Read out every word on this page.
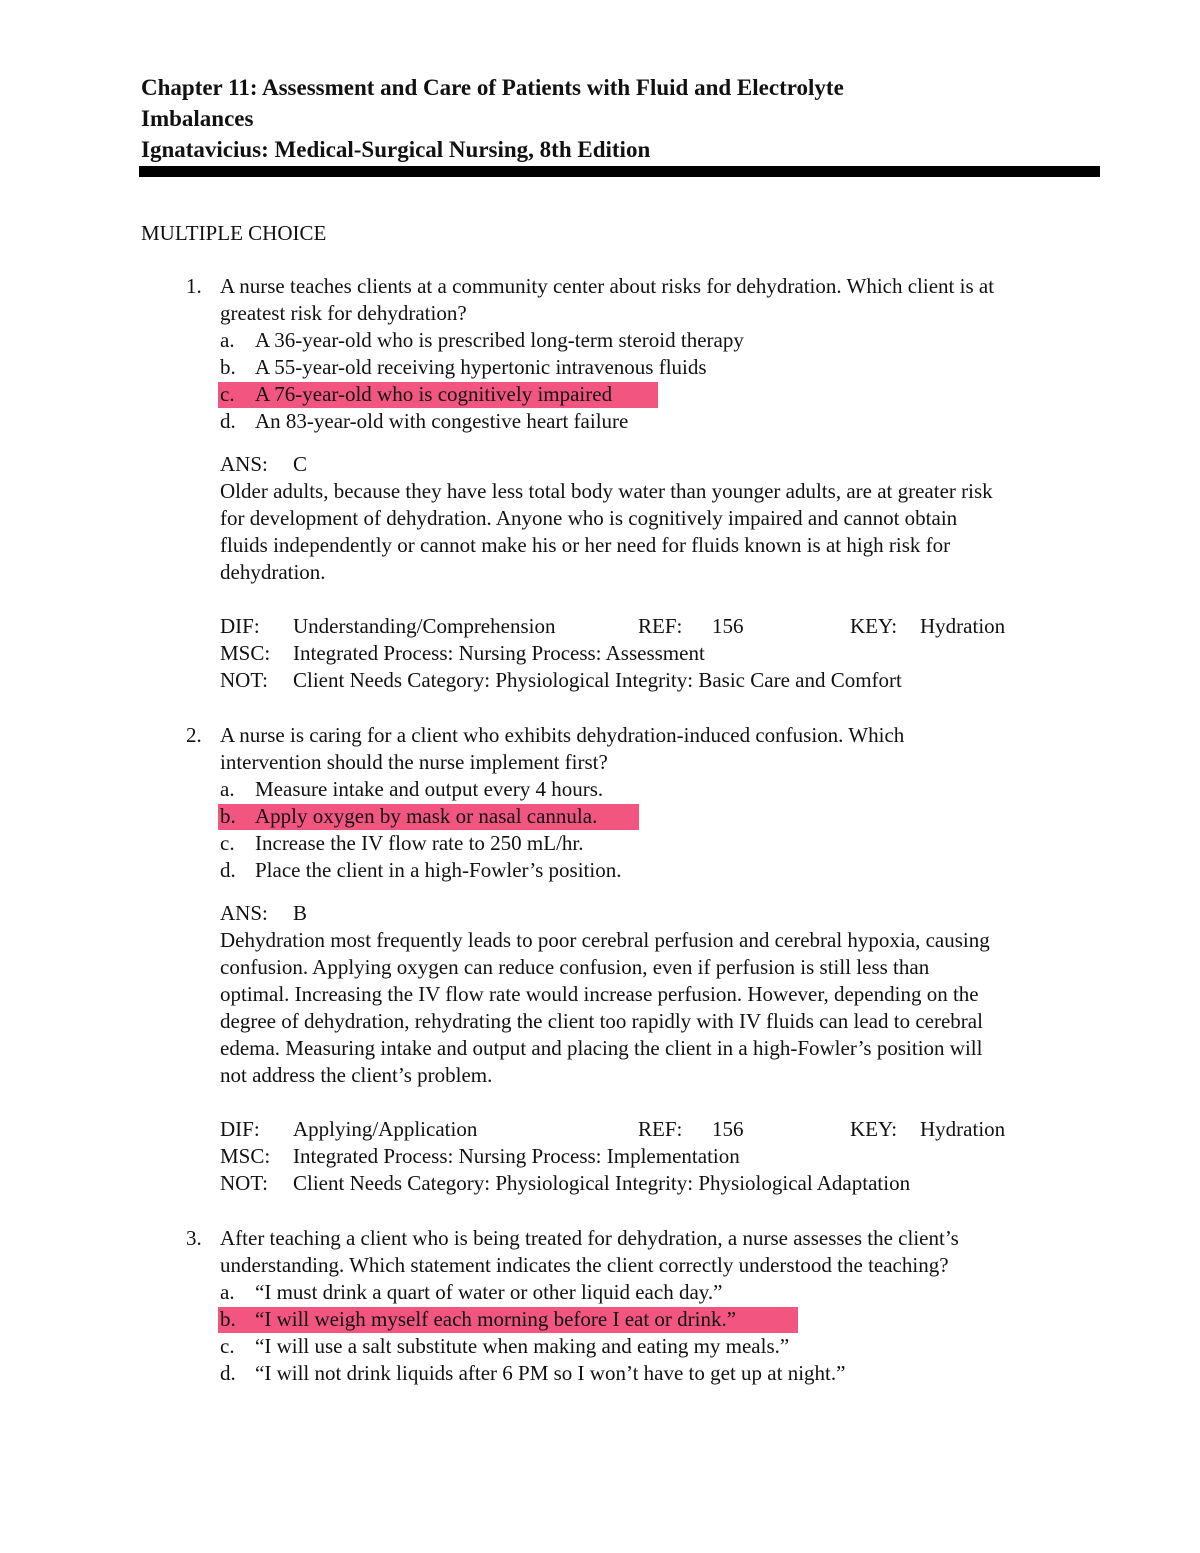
Chapter 11: Assessment and Care of Patients with Fluid and Electrolyte
Imbalances
Ignatavicius: Medical-Surgical Nursing, 8th Edition
MULTIPLE CHOICE
1. A nurse teaches clients at a community center about risks for dehydration. Which client is at
greatest risk for dehydration?
a. A 36-year-old who is prescribed long-term steroid therapy
b. A 55-year-old receiving hypertonic intravenous fluids
c. A 76-year-old who is cognitively impaired
d. An 83-year-old with congestive heart failure
ANS: C
Older adults, because they have less total body water than younger adults, are at greater risk
for development of dehydration. Anyone who is cognitively impaired and cannot obtain
fluids independently or cannot make his or her need for fluids known is at high risk for
dehydration.
DIF: Understanding/Comprehension	REF: 156	KEY: Hydration
MSC: Integrated Process: Nursing Process: Assessment
NOT: Client Needs Category: Physiological Integrity: Basic Care and Comfort
2. A nurse is caring for a client who exhibits dehydration-induced confusion. Which
intervention should the nurse implement first?
a. Measure intake and output every 4 hours.
b. Apply oxygen by mask or nasal cannula.
c. Increase the IV flow rate to 250 mL/hr.
d. Place the client in a high-Fowler’s position.
ANS: B
Dehydration most frequently leads to poor cerebral perfusion and cerebral hypoxia, causing
confusion. Applying oxygen can reduce confusion, even if perfusion is still less than
optimal. Increasing the IV flow rate would increase perfusion. However, depending on the
degree of dehydration, rehydrating the client too rapidly with IV fluids can lead to cerebral
edema. Measuring intake and output and placing the client in a high-Fowler’s position will
not address the client’s problem.
DIF: Applying/Application	REF: 156	KEY: Hydration
MSC: Integrated Process: Nursing Process: Implementation
NOT: Client Needs Category: Physiological Integrity: Physiological Adaptation
3. After teaching a client who is being treated for dehydration, a nurse assesses the client’s
understanding. Which statement indicates the client correctly understood the teaching?
a. “I must drink a quart of water or other liquid each day.”
b. “I will weigh myself each morning before I eat or drink.”
c. “I will use a salt substitute when making and eating my meals.”
d. “I will not drink liquids after 6 PM so I won’t have to get up at night.”
